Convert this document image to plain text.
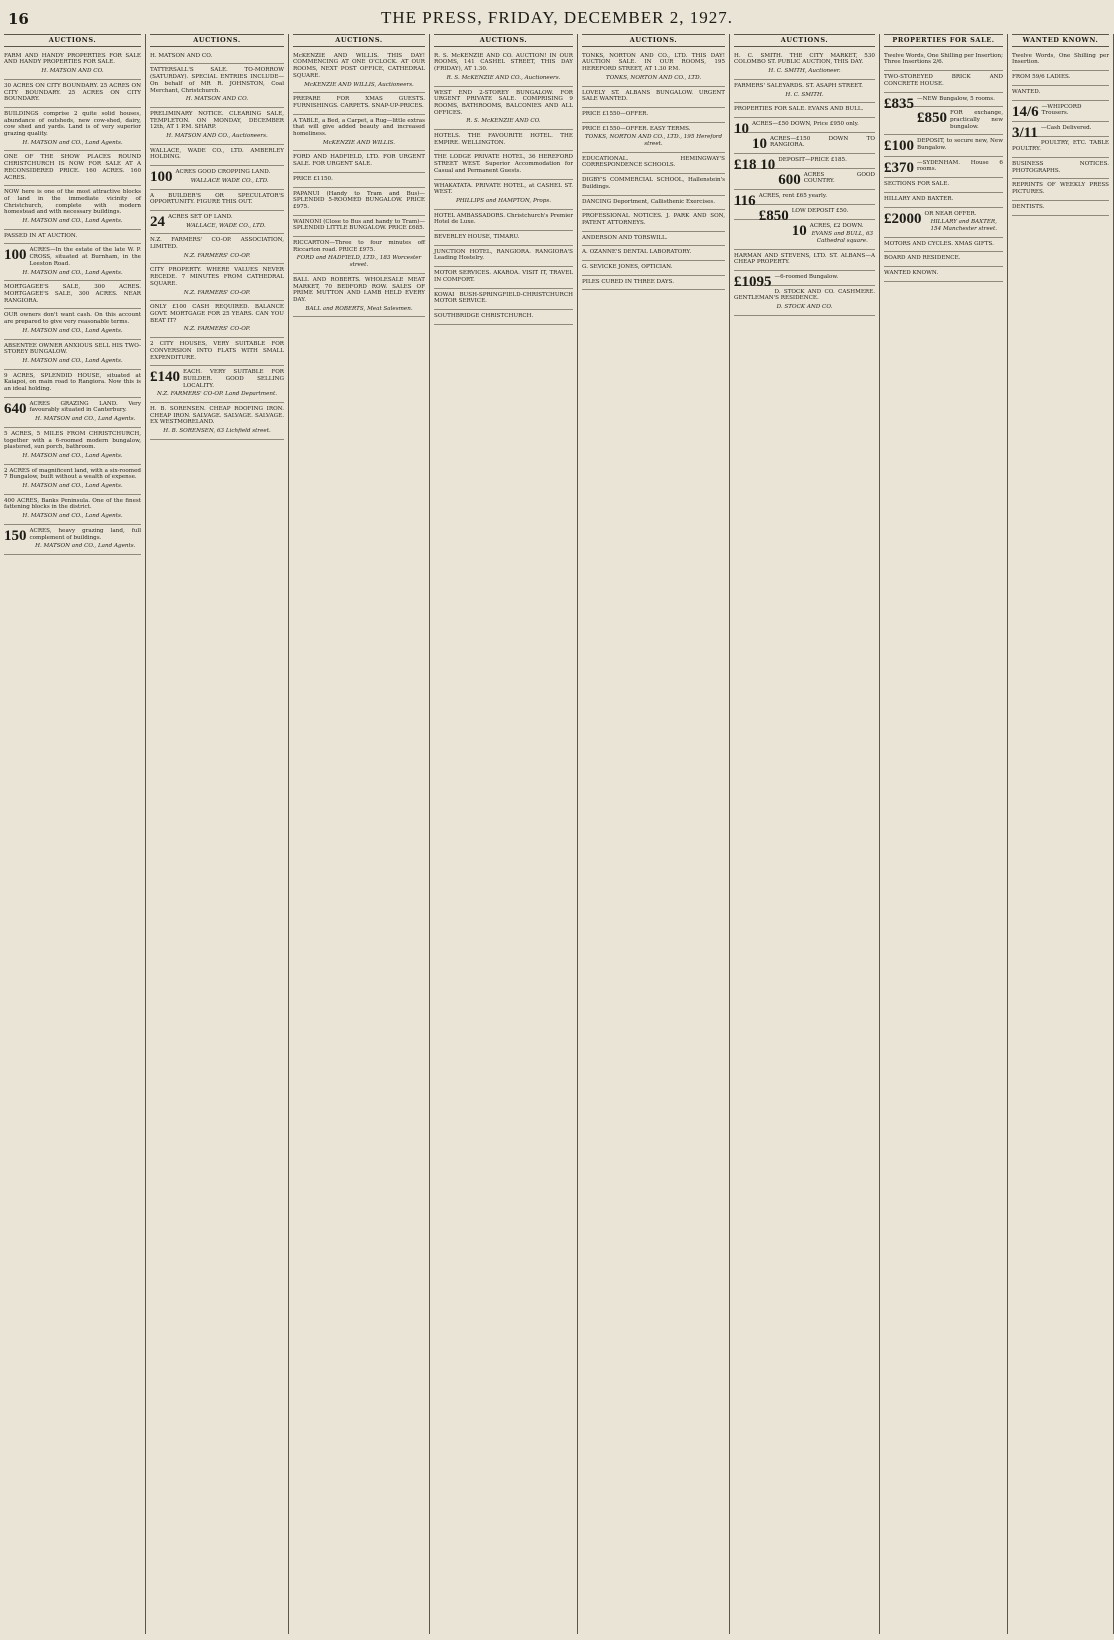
16	THE PRESS, FRIDAY, DECEMBER 2, 1927.
AUCTIONS.

FARM AND HANDY PROPERTIES FOR SALE AND HANDY PROPERTIES FOR SALE.

H. MATSON AND CO.

30 ACRES ON CITY BOUNDARY. 25 ACRES ON CITY BOUNDARY. 25 ACRES ON CITY BOUNDARY.

BUILDINGS comprise 2 quite solid houses, abundance of outsheds, new cow-shed, dairy, cow shed and yards. Land is of very superior grazing quality.

H. MATSON and CO., Land Agents.

ONE OF THE SHOW PLACES ROUND CHRISTCHURCH IS NOW FOR SALE AT A RECONSIDERED PRICE. 160 ACRES. 160 ACRES.

NOW here is one of the most attractive blocks of land in the immediate vicinity of Christchurch, complete with modern homestead and with necessary buildings.

H. MATSON and CO., Land Agents.

PASSED IN AT AUCTION.

100 ACRES—In the estate of the late W. P. CROSS, situated at Burnham, in the Leeston Road.

H. MATSON and CO., Land Agents.

MORTGAGEE'S SALE, 300 ACRES. MORTGAGEE'S SALE, 300 ACRES. NEAR RANGIORA.

OUR owners don't want cash. On this account are prepared to give very reasonable terms.

H. MATSON and CO., Land Agents.

ABSENTEE OWNER ANXIOUS SELL HIS TWO-STOREY BUNGALOW.

H. MATSON and CO., Land Agents.

9 ACRES, SPLENDID HOUSE, situated at Kaiapoi, on main road to Rangiora. Now this is an ideal holding.

640 ACRES GRAZING LAND. Very favourably situated in Canterbury.

H. MATSON and CO., Land Agents.

5 ACRES, 5 MILES FROM CHRISTCHURCH, together with a 6-roomed modern bungalow, plastered, sun porch, bathroom.

H. MATSON and CO., Land Agents.

2 ACRES of magnificent land, with a six-roomed 7 Bungalow, built without a wealth of expense.

H. MATSON and CO., Land Agents.

400 ACRES, Banks Peninsula. One of the finest fattening blocks in the district.

H. MATSON and CO., Land Agents.

150 ACRES, heavy grazing land, full complement of buildings.

H. MATSON and CO., Land Agents.
AUCTIONS.

H. MATSON AND CO.

TATTERSALL'S SALE. TO-MORROW (SATURDAY). SPECIAL ENTRIES INCLUDE—On behalf of MR R. JOHNSTON, Coal Merchant, Christchurch.

H. MATSON AND CO.

PRELIMINARY NOTICE. CLEARING SALE, TEMPLETON. ON MONDAY, DECEMBER 12th, AT 1 P.M. SHARP.

H. MATSON AND CO., Auctioneers.

WALLACE, WADE CO., LTD. AMBERLEY HOLDING.

100 ACRES GOOD CROPPING LAND.

WALLACE WADE CO., LTD.

A BUILDER'S OR SPECULATOR'S OPPORTUNITY. FIGURE THIS OUT.

24 ACRES SET OF LAND.

WALLACE, WADE CO., LTD.

N.Z. FARMERS' CO-OP. ASSOCIATION, LIMITED.

N.Z. FARMERS' CO-OP.

CITY PROPERTY. WHERE VALUES NEVER RECEDE. 7 MINUTES FROM CATHEDRAL SQUARE.

N.Z. FARMERS' CO-OP.

ONLY £100 CASH REQUIRED. BALANCE GOVT. MORTGAGE FOR 25 YEARS. CAN YOU BEAT IT?

N.Z. FARMERS' CO-OP.

2 CITY HOUSES, VERY SUITABLE FOR CONVERSION INTO FLATS WITH SMALL EXPENDITURE.

£140 EACH. VERY SUITABLE FOR BUILDER. GOOD SELLING LOCALITY.

N.Z. FARMERS' CO-OP. Land Department.

H. B. SORENSEN. CHEAP ROOFING IRON. CHEAP IRON. SALVAGE. SALVAGE. SALVAGE. EX WESTMORELAND.

H. B. SORENSEN, 63 Lichfield street.
AUCTIONS.

McKENZIE AND WILLIS. THIS DAY! COMMENCING AT ONE O'CLOCK. AT OUR ROOMS, NEXT POST OFFICE, CATHEDRAL SQUARE.

McKENZIE AND WILLIS, Auctioneers.

PREPARE FOR XMAS GUESTS. FURNISHINGS. CARPETS. SNAP-UP-PRICES.

A TABLE, a Bed, a Carpet, a Rug—little extras that will give added beauty and increased homeliness.

McKENZIE AND WILLIS.

FORD AND HADFIELD, LTD. FOR URGENT SALE. FOR URGENT SALE.

PRICE £1150.

PAPANUI (Handy to Tram and Bus)—SPLENDID 5-ROOMED BUNGALOW. PRICE £975.

WAINONI (Close to Bus and handy to Tram)—SPLENDID LITTLE BUNGALOW. PRICE £685.

RICCARTON—Three to four minutes off Riccarton road. PRICE £975.

FORD and HADFIELD, LTD., 183 Worcester street.

BALL AND ROBERTS. WHOLESALE MEAT MARKET, 70 BEDFORD ROW. SALES OF PRIME MUTTON AND LAMB HELD EVERY DAY.

BALL and ROBERTS, Meat Salesmen.
AUCTIONS.

R. S. McKENZIE AND CO. AUCTION! IN OUR ROOMS, 141 CASHEL STREET, THIS DAY (FRIDAY), AT 1.30.

R. S. McKENZIE AND CO., Auctioneers.

WEST END 2-STOREY BUNGALOW. FOR URGENT PRIVATE SALE. COMPRISING 9 ROOMS, BATHROOMS, BALCONIES AND ALL OFFICES.

R. S. McKENZIE AND CO.

HOTELS. THE FAVOURITE HOTEL. THE EMPIRE. WELLINGTON.

THE LODGE PRIVATE HOTEL, 36 HEREFORD STREET WEST. Superior Accommodation for Casual and Permanent Guests.

WHAKATATA. PRIVATE HOTEL, at CASHEL ST. WEST.

PHILLIPS and HAMPTON, Props.

HOTEL AMBASSADORS. Christchurch's Premier Hotel de Luxe.

BEVERLEY HOUSE, TIMARU.

JUNCTION HOTEL, RANGIORA. RANGIORA'S Leading Hostelry.

MOTOR SERVICES. AKAROA. VISIT IT, TRAVEL IN COMFORT.

KOWAI BUSH-SPRINGFIELD-CHRISTCHURCH MOTOR SERVICE.

SOUTHBRIDGE CHRISTCHURCH.

AUCTIONS.

TONKS, NORTON AND CO., LTD. THIS DAY! AUCTION SALE. IN OUR ROOMS, 195 HEREFORD STREET, AT 1.30 P.M.

TONKS, NORTON AND CO., LTD.

LOVELY ST. ALBANS BUNGALOW. URGENT SALE WANTED.

PRICE £1550—OFFER.

PRICE £1550—OFFER. EASY TERMS.

TONKS, NORTON AND CO., LTD., 195 Hereford street.

EDUCATIONAL. HEMINGWAY'S CORRESPONDENCE SCHOOLS.

DIGBY'S COMMERCIAL SCHOOL, Hallenstein's Buildings.

DANCING Deportment, Callisthenic Exercises.

PROFESSIONAL NOTICES. J. PARK AND SON, PATENT ATTORNEYS.

ANDERSON AND TORSWILL.

A. OZANNE'S DENTAL LABORATORY.

G. SEVICKE JONES, OPTICIAN.

PILES CURED IN THREE DAYS.

AUCTIONS.

H. C. SMITH. THE CITY MARKET, 530 COLOMBO ST. PUBLIC AUCTION, THIS DAY.

H. C. SMITH, Auctioneer.

FARMERS' SALEYARDS. ST. ASAPH STREET.

H. C. SMITH.

PROPERTIES FOR SALE. EVANS AND BULL.

10 ACRES—£50 DOWN, Price £950 only.

10 ACRES—£150 DOWN TO RANGIORA.

£18 10 DEPOSIT—PRICE £185.

600 ACRES GOOD COUNTRY.

116 ACRES, rent £65 yearly.

£850 LOW DEPOSIT £50.

10 ACRES, £2 DOWN.

EVANS and BULL, 63 Cathedral square.

HARMAN AND STEVENS, LTD. ST. ALBANS—A CHEAP PROPERTY.

£1095 —6-roomed Bungalow.

D. STOCK AND CO. CASHMERE. GENTLEMAN'S RESIDENCE.

D. STOCK AND CO.
PROPERTIES FOR SALE.

Twelve Words, One Shilling per Insertion; Three Insertions 2/6.

TWO-STOREYED BRICK AND CONCRETE HOUSE.

£835 —NEW Bungalow, 5 rooms.

£850 FOR exchange, practically new bungalow.

£100 DEPOSIT, to secure new, New Bungalow.

£370 —SYDENHAM. House 6 rooms.

SECTIONS FOR SALE.

HILLARY AND BAXTER.

£2000 OR NEAR OFFER.

HILLARY and BAXTER, 154 Manchester street.

MOTORS AND CYCLES. XMAS GIFTS.

BOARD AND RESIDENCE.

WANTED KNOWN.

WANTED KNOWN.

Twelve Words, One Shilling per Insertion.

FROM 59/6 LADIES.

WANTED.

14/6 —WHIPCORD Trousers.

3/11 —Cash Delivered.

POULTRY, ETC. TABLE POULTRY.

BUSINESS NOTICES. PHOTOGRAPHS.

REPRINTS OF WEEKLY PRESS PICTURES.

DENTISTS.
